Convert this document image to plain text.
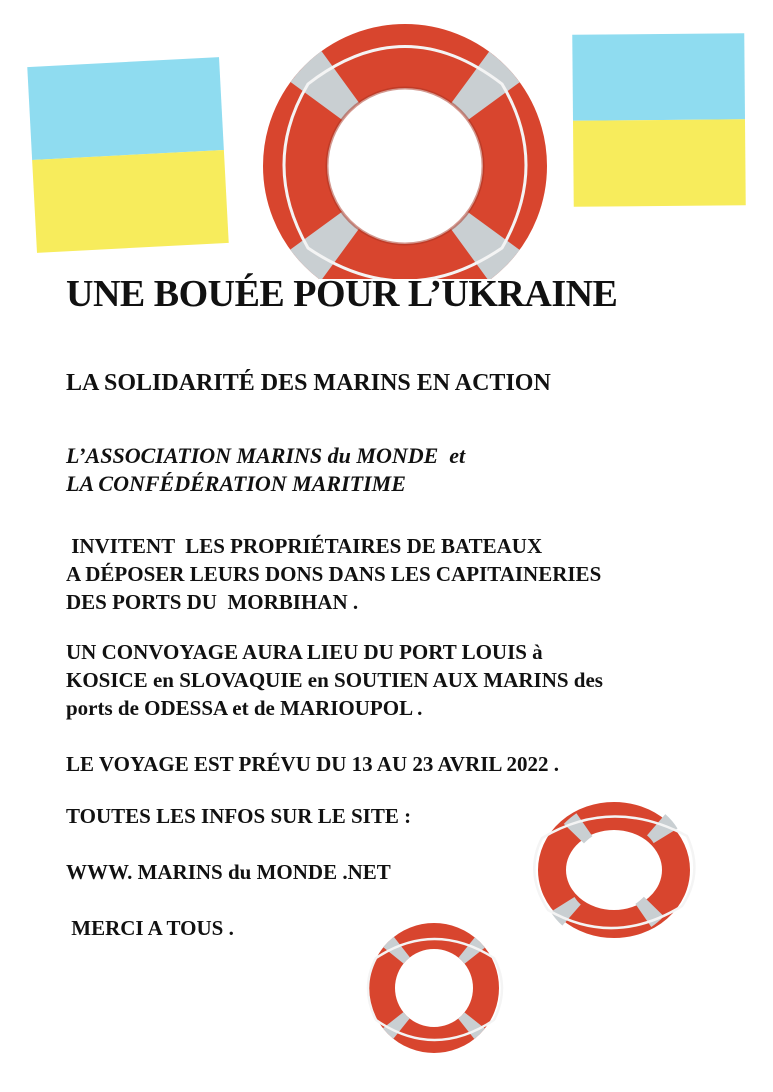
UNE BOUÉE POUR L’UKRAINE

LA SOLIDARITÉ DES MARINS EN ACTION

L’ASSOCIATION MARINS du MONDE  et
LA CONFÉDÉRATION MARITIME
INVITENT  LES PROPRIÉTAIRES DE BATEAUX
A DÉPOSER LEURS DONS DANS LES CAPITAINERIES
DES PORTS DU  MORBIHAN .
UN CONVOYAGE AURA LIEU DU PORT LOUIS à
KOSICE en SLOVAQUIE en SOUTIEN AUX MARINS des
ports de ODESSA et de MARIOUPOL .

LE VOYAGE EST PRÉVU DU 13 AU 23 AVRIL 2022 .

TOUTES LES INFOS SUR LE SITE :

WWW. MARINS du MONDE .NET

MERCI A TOUS .
